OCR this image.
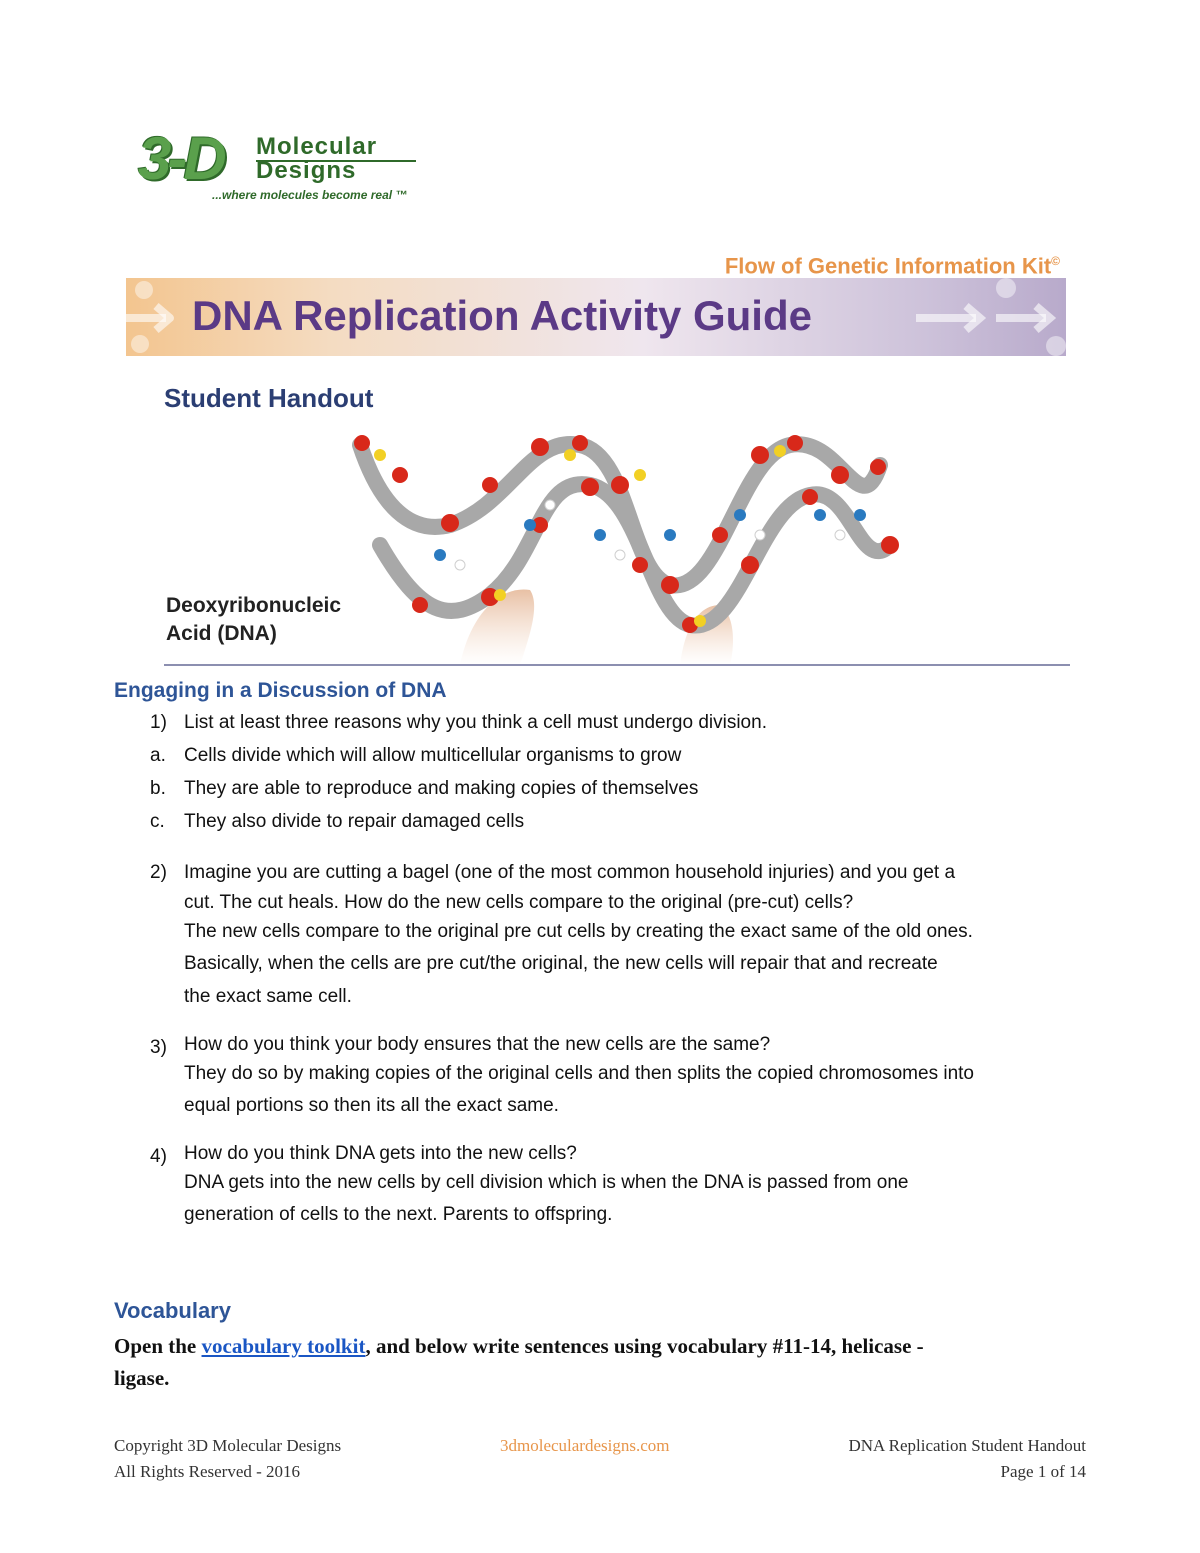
3-D	Molecular
Designs
...where molecules become real ™
Flow of Genetic Information Kit©
DNA Replication Activity Guide
Student Handout
Deoxyribonucleic
Acid (DNA)
Engaging in a Discussion of DNA
1) List at least three reasons why you think a cell must undergo division.
a. Cells divide which will allow multicellular organisms to grow
b. They are able to reproduce and making copies of themselves
c. They also divide to repair damaged cells
2) Imagine you are cutting a bagel (one of the most common household injuries) and you get a
cut. The cut heals. How do the new cells compare to the original (pre-cut) cells?
The new cells compare to the original pre cut cells by creating the exact same of the old ones.
Basically, when the cells are pre cut/the original, the new cells will repair that and recreate
the exact same cell.
3) How do you think your body ensures that the new cells are the same?
They do so by making copies of the original cells and then splits the copied chromosomes into
equal portions so then its all the exact same.
4) How do you think DNA gets into the new cells?
DNA gets into the new cells by cell division which is when the DNA is passed from one
generation of cells to the next. Parents to offspring.
Vocabulary
Open the vocabulary toolkit, and below write sentences using vocabulary #11-14, helicase -
ligase.
Copyright 3D Molecular Designs
All Rights Reserved - 2016
3dmoleculardesigns.com	DNA Replication Student Handout
Page 1 of 14
